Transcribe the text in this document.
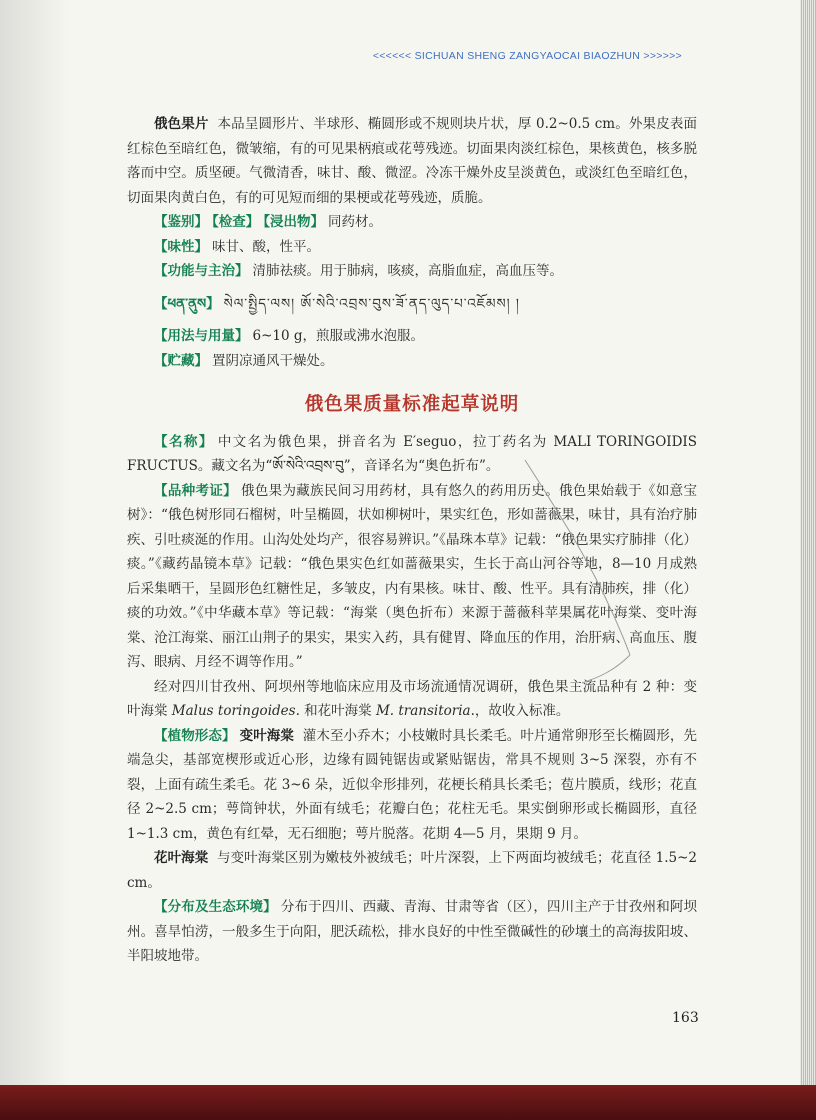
<<<<<< SICHUAN SHENG ZANGYAOCAI BIAOZHUN >>>>>>

俄色果片 本品呈圆形片、半球形、椭圆形或不规则块片状，厚 0.2~0.5 cm。外果皮表面红棕色至暗红色，微皱缩，有的可见果柄痕或花萼残迹。切面果肉淡红棕色，果核黄色，核多脱落而中空。质坚硬。气微清香，味甘、酸、微涩。冷冻干燥外皮呈淡黄色，或淡红色至暗红色，切面果肉黄白色，有的可见短而细的果梗或花萼残迹，质脆。

【鉴别】 【检查】 【浸出物】 同药材。

【味性】 味甘、酸，性平。

【功能与主治】 清肺祛痰。用于肺病，咳痰，高脂血症，高血压等。

【ཕན་ནུས】 སེལ་སྤྱིད་ལས། ཨོ་སེའི་འབྲས་བུས་ཟོ་ནད་ལུད་པ་འཇོམས། །

【用法与用量】 6~10 g，煎服或沸水泡服。

【贮藏】 置阴凉通风干燥处。

俄色果质量标准起草说明

【名称】 中文名为俄色果，拼音名为 E′seguo，拉丁药名为 MALI TORINGOIDIS FRUCTUS。藏文名为“ཨོ་སེའི་འབྲས་བུ”，音译名为“奥色折布”。

【品种考证】 俄色果为藏族民间习用药材，具有悠久的药用历史。俄色果始载于《如意宝树》：“俄色树形同石榴树，叶呈椭圆，状如柳树叶，果实红色，形如蔷薇果，味甘，具有治疗肺疾、引吐痰涎的作用。山沟处处均产，很容易辨识。”《晶珠本草》记载：“俄色果实疗肺排（化）痰。”《藏药晶镜本草》记载：“俄色果实色红如蔷薇果实，生长于高山河谷等地，8—10 月成熟后采集晒干，呈圆形色红糖性足，多皱皮，内有果核。味甘、酸、性平。具有清肺疾，排（化）痰的功效。”《中华藏本草》等记载：“海棠（奥色折布）来源于蔷薇科苹果属花叶海棠、变叶海棠、沧江海棠、丽江山荆子的果实，果实入药，具有健胃、降血压的作用，治肝病、高血压、腹泻、眼病、月经不调等作用。”

经对四川甘孜州、阿坝州等地临床应用及市场流通情况调研，俄色果主流品种有 2 种：变叶海棠 Malus toringoides. 和花叶海棠 M. transitoria.，故收入标准。

【植物形态】 变叶海棠 灌木至小乔木；小枝嫩时具长柔毛。叶片通常卵形至长椭圆形，先端急尖，基部宽楔形或近心形，边缘有圆钝锯齿或紧贴锯齿，常具不规则 3~5 深裂，亦有不裂，上面有疏生柔毛。花 3~6 朵，近似伞形排列，花梗长稍具长柔毛；苞片膜质，线形；花直径 2~2.5 cm；萼筒钟状，外面有绒毛；花瓣白色；花柱无毛。果实倒卵形或长椭圆形，直径 1~1.3 cm，黄色有红晕，无石细胞；萼片脱落。花期 4—5 月，果期 9 月。

花叶海棠 与变叶海棠区别为嫩枝外被绒毛；叶片深裂，上下两面均被绒毛；花直径 1.5~2 cm。

【分布及生态环境】 分布于四川、西藏、青海、甘肃等省（区），四川主产于甘孜州和阿坝州。喜旱怕涝，一般多生于向阳，肥沃疏松，排水良好的中性至微碱性的砂壤土的高海拔阳坡、半阳坡地带。

163
